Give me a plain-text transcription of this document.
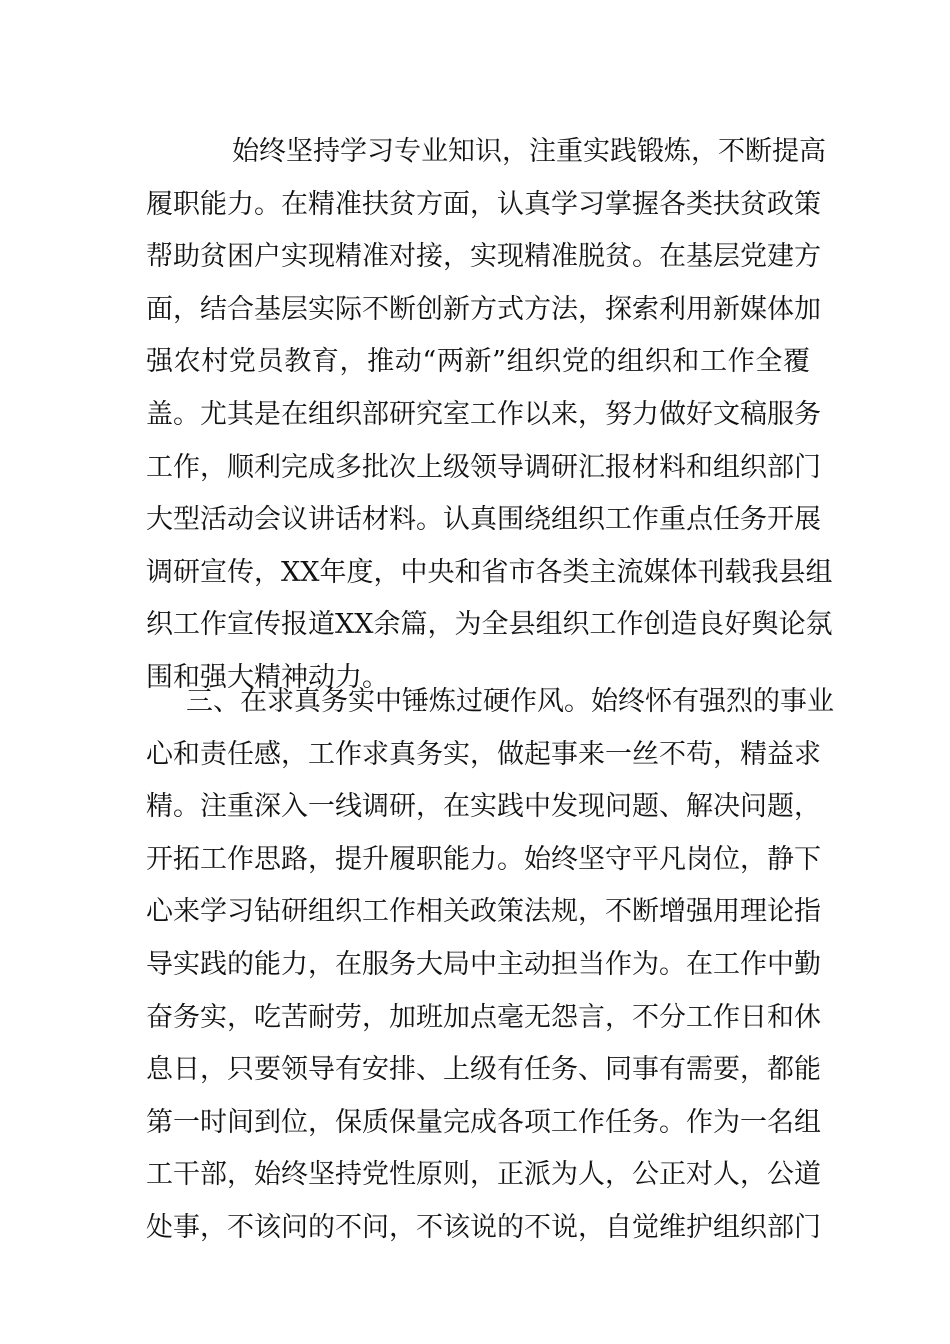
始终坚持学习专业知识，注重实践锻炼，不断提高
履职能力。在精准扶贫方面，认真学习掌握各类扶贫政策
帮助贫困户实现精准对接，实现精准脱贫。在基层党建方
面，结合基层实际不断创新方式方法，探索利用新媒体加
强农村党员教育，推动“两新”组织党的组织和工作全覆
盖。尤其是在组织部研究室工作以来，努力做好文稿服务
工作，顺利完成多批次上级领导调研汇报材料和组织部门
大型活动会议讲话材料。认真围绕组织工作重点任务开展
调研宣传，XX年度，中央和省市各类主流媒体刊载我县组
织工作宣传报道XX余篇，为全县组织工作创造良好舆论氛
围和强大精神动力。
三、在求真务实中锤炼过硬作风。始终怀有强烈的事业
心和责任感，工作求真务实，做起事来一丝不苟，精益求
精。注重深入一线调研，在实践中发现问题、解决问题，
开拓工作思路，提升履职能力。始终坚守平凡岗位，静下
心来学习钻研组织工作相关政策法规，不断增强用理论指
导实践的能力，在服务大局中主动担当作为。在工作中勤
奋务实，吃苦耐劳，加班加点毫无怨言，不分工作日和休
息日，只要领导有安排、上级有任务、同事有需要，都能
第一时间到位，保质保量完成各项工作任务。作为一名组
工干部，始终坚持党性原则，正派为人，公正对人，公道
处事，不该问的不问，不该说的不说，自觉维护组织部门
